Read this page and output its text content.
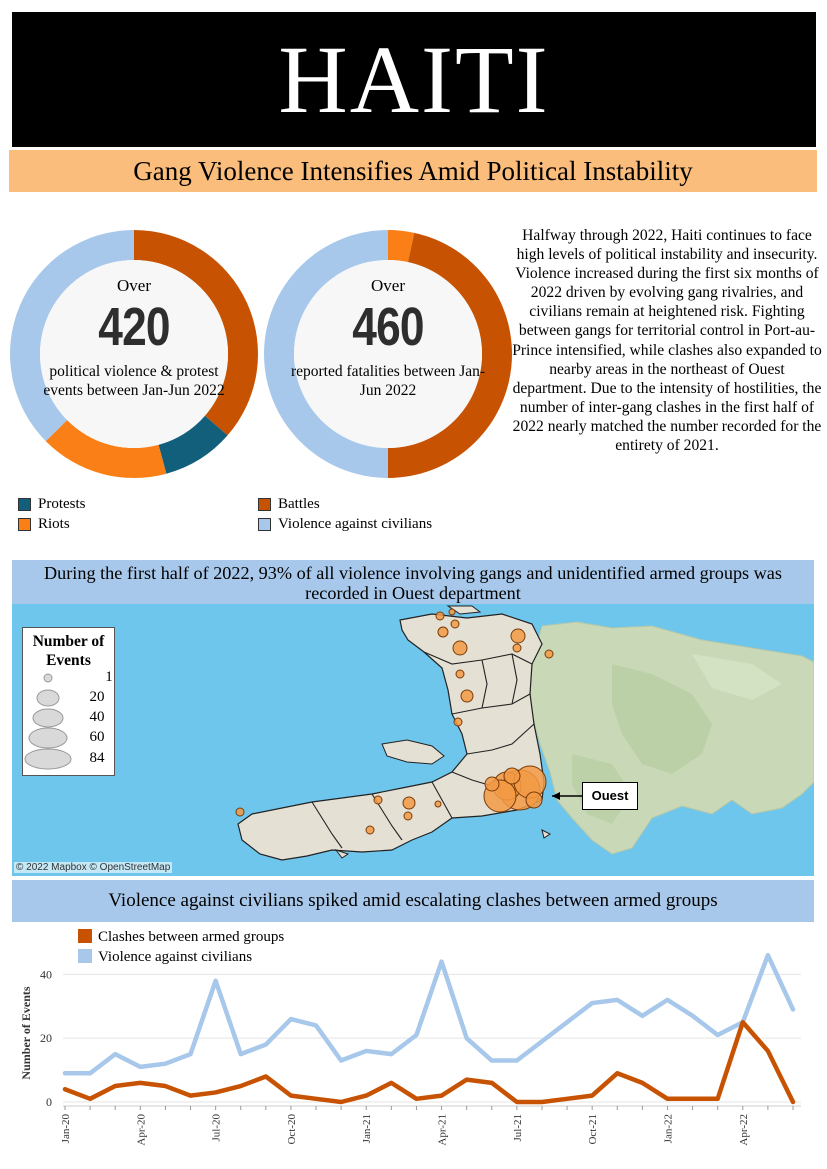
HAITI
Gang Violence Intensifies Amid Political Instability
Over
420
political violence & protest events between Jan-Jun 2022
Over
460
reported fatalities between Jan-Jun 2022
Protests
Riots
Battles
Violence against civilians

Halfway through 2022, Haiti continues to face high levels of political instability and insecurity. Violence increased during the first six months of 2022 driven by evolving gang rivalries, and civilians remain at heightened risk. Fighting between gangs for territorial control in Port-au-Prince intensified, while clashes also expanded to nearby areas in the northeast of Ouest department. Due to the intensity of hostilities, the number of inter-gang clashes in the first half of 2022 nearly matched the number recorded for the entirety of 2021.

During the first half of 2022, 93% of all violence involving gangs and unidentified armed groups was recorded in Ouest department
Number of Events
1
20
40
60
84
Ouest
© 2022 Mapbox © OpenStreetMap
Violence against civilians spiked amid escalating clashes between armed groups
0
20
40
Number of Events
Jan-20	Apr-20	Jul-20	Oct-20	Jan-21	Apr-21	Jul-21	Oct-21	Jan-22	Apr-22
Clashes between armed groups
Violence against civilians
